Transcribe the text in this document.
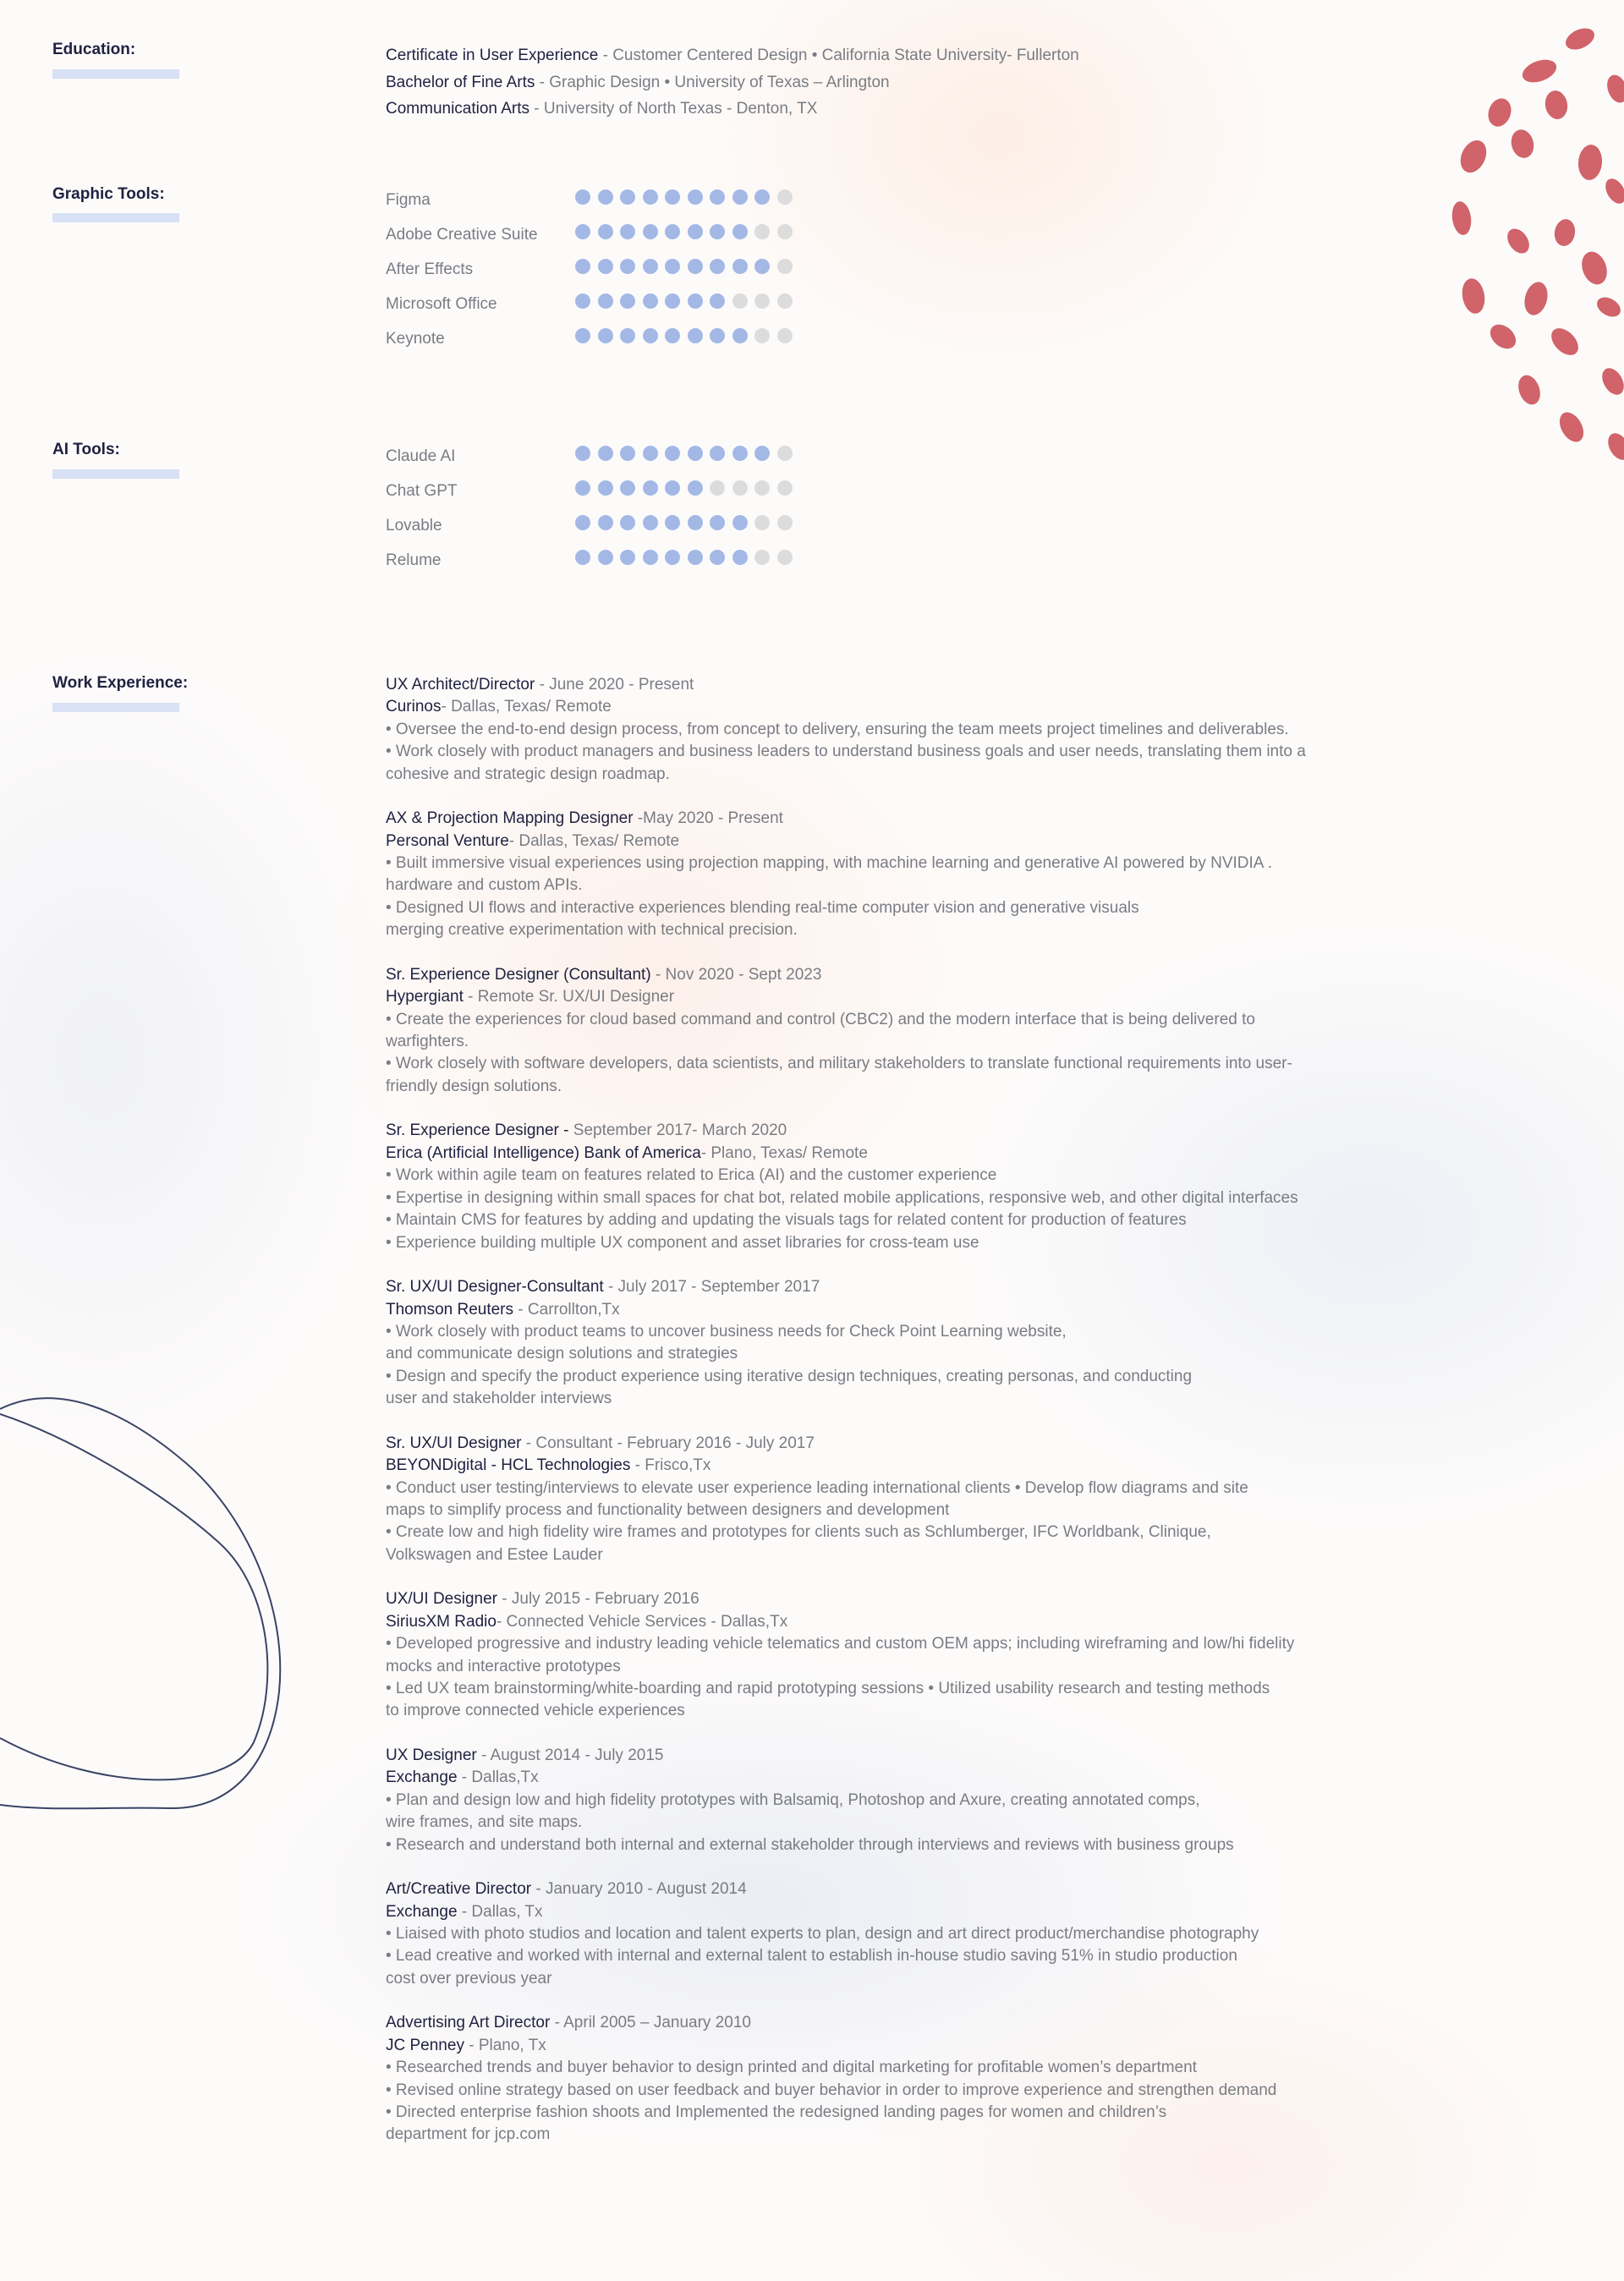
Education:
Graphic Tools:
AI Tools:
Work Experience:
Certificate in User Experience - Customer Centered Design • California State University- Fullerton
Bachelor of Fine Arts - Graphic Design • University of Texas – Arlington
Communication Arts - University of North Texas - Denton, TX
Figma
Adobe Creative Suite
After Effects
Microsoft Office
Keynote
Claude AI
Chat GPT
Lovable
Relume
UX Architect/Director - June 2020 - Present
Curinos- Dallas, Texas/ Remote
• Oversee the end-to-end design process, from concept to delivery, ensuring the team meets project timelines and deliverables.
• Work closely with product managers and business leaders to understand business goals and user needs, translating them into a
cohesive and strategic design roadmap.
AX & Projection Mapping Designer -May 2020 - Present
Personal Venture- Dallas, Texas/ Remote
• Built immersive visual experiences using projection mapping, with machine learning and generative AI powered by NVIDIA .
hardware and custom APIs.
• Designed UI flows and interactive experiences blending real-time computer vision and generative visuals
merging creative experimentation with technical precision.
Sr. Experience Designer (Consultant) - Nov 2020 - Sept 2023
Hypergiant - Remote Sr. UX/UI Designer
• Create the experiences for cloud based command and control (CBC2) and the modern interface that is being delivered to
warfighters.
• Work closely with software developers, data scientists, and military stakeholders to translate functional requirements into user-
friendly design solutions.
Sr. Experience Designer - September 2017- March 2020
Erica (Artificial Intelligence) Bank of America- Plano, Texas/ Remote
• Work within agile team on features related to Erica (AI) and the customer experience
• Expertise in designing within small spaces for chat bot, related mobile applications, responsive web, and other digital interfaces
• Maintain CMS for features by adding and updating the visuals tags for related content for production of features
• Experience building multiple UX component and asset libraries for cross-team use
Sr. UX/UI Designer-Consultant - July 2017 - September 2017
Thomson Reuters - Carrollton,Tx
• Work closely with product teams to uncover business needs for Check Point Learning website,
and communicate design solutions and strategies
• Design and specify the product experience using iterative design techniques, creating personas, and conducting
user and stakeholder interviews
Sr. UX/UI Designer - Consultant - February 2016 - July 2017
BEYONDigital - HCL Technologies - Frisco,Tx
• Conduct user testing/interviews to elevate user experience leading international clients • Develop flow diagrams and site
maps to simplify process and functionality between designers and development
• Create low and high fidelity wire frames and prototypes for clients such as Schlumberger, IFC Worldbank, Clinique,
Volkswagen and Estee Lauder
UX/UI Designer - July 2015 - February 2016
SiriusXM Radio- Connected Vehicle Services - Dallas,Tx
• Developed progressive and industry leading vehicle telematics and custom OEM apps; including wireframing and low/hi fidelity
mocks and interactive prototypes
• Led UX team brainstorming/white-boarding and rapid prototyping sessions • Utilized usability research and testing methods
to improve connected vehicle experiences
UX Designer - August 2014 - July 2015
Exchange - Dallas,Tx
• Plan and design low and high fidelity prototypes with Balsamiq, Photoshop and Axure, creating annotated comps,
wire frames, and site maps.
• Research and understand both internal and external stakeholder through interviews and reviews with business groups
Art/Creative Director - January 2010 - August 2014
Exchange - Dallas, Tx
• Liaised with photo studios and location and talent experts to plan, design and art direct product/merchandise photography
• Lead creative and worked with internal and external talent to establish in-house studio saving 51% in studio production
cost over previous year
Advertising Art Director - April 2005 – January 2010
JC Penney - Plano, Tx
• Researched trends and buyer behavior to design printed and digital marketing for profitable women’s department
• Revised online strategy based on user feedback and buyer behavior in order to improve experience and strengthen demand
• Directed enterprise fashion shoots and Implemented the redesigned landing pages for women and children’s
department for jcp.com
